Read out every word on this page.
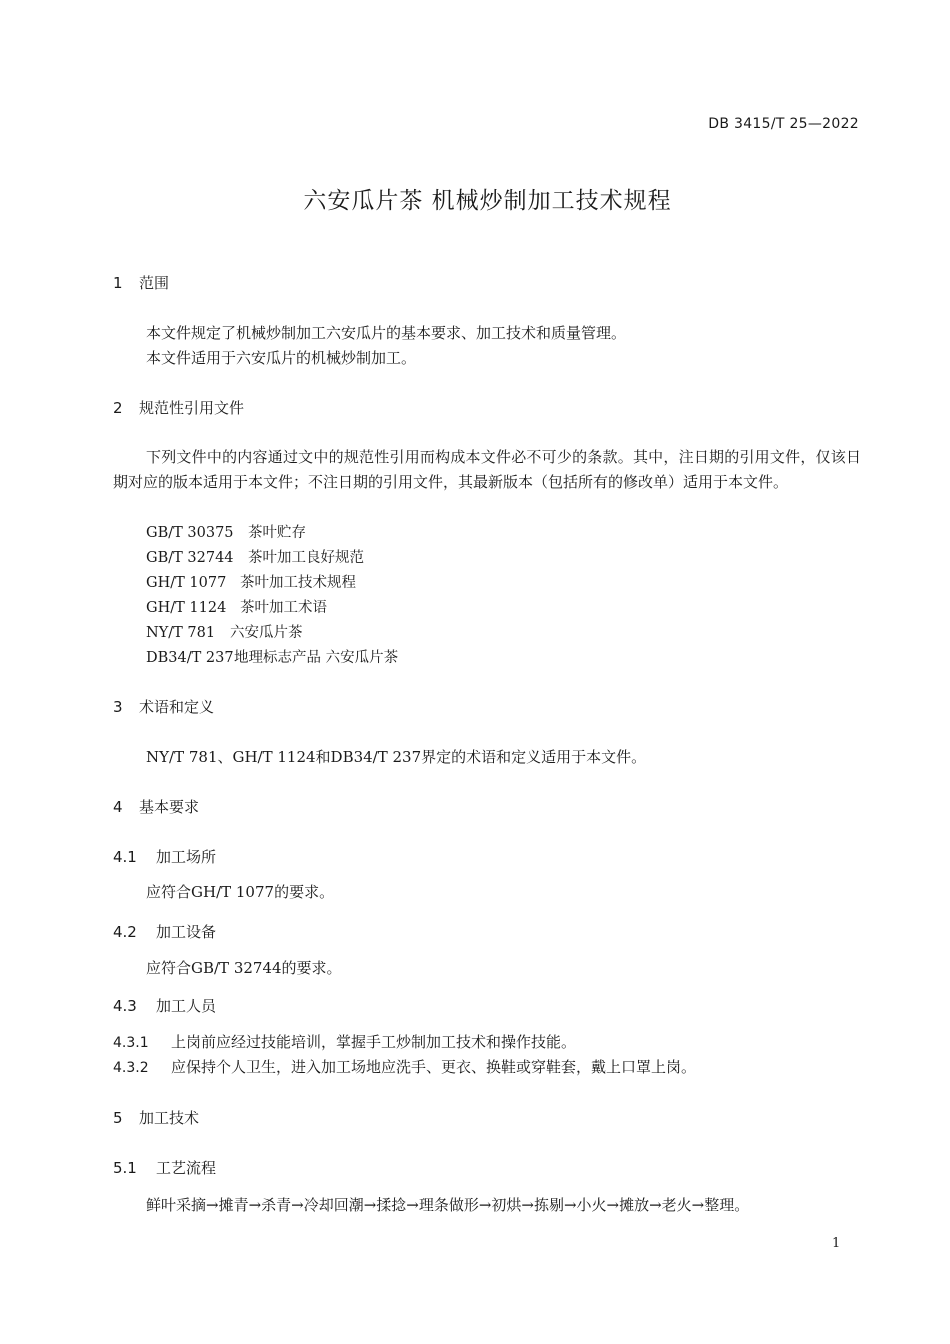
DB 3415/T 25—2022
六安瓜片茶 机械炒制加工技术规程
1 范围
本文件规定了机械炒制加工六安瓜片的基本要求、加工技术和质量管理。
本文件适用于六安瓜片的机械炒制加工。
2 规范性引用文件
下列文件中的内容通过文中的规范性引用而构成本文件必不可少的条款。其中，注日期的引用文件，仅该日期对应的版本适用于本文件；不注日期的引用文件，其最新版本（包括所有的修改单）适用于本文件。
GB/T 30375 茶叶贮存
GB/T 32744 茶叶加工良好规范
GH/T 1077 茶叶加工技术规程
GH/T 1124 茶叶加工术语
NY/T 781 六安瓜片茶
DB34/T 237地理标志产品 六安瓜片茶
3 术语和定义
NY/T 781、GH/T 1124和DB34/T 237界定的术语和定义适用于本文件。
4 基本要求
4.1 加工场所
应符合GH/T 1077的要求。
4.2 加工设备
应符合GB/T 32744的要求。
4.3 加工人员
4.3.1 上岗前应经过技能培训，掌握手工炒制加工技术和操作技能。
4.3.2 应保持个人卫生，进入加工场地应洗手、更衣、换鞋或穿鞋套，戴上口罩上岗。
5 加工技术
5.1 工艺流程
鲜叶采摘→摊青→杀青→冷却回潮→揉捻→理条做形→初烘→拣剔→小火→摊放→老火→整理。
1
